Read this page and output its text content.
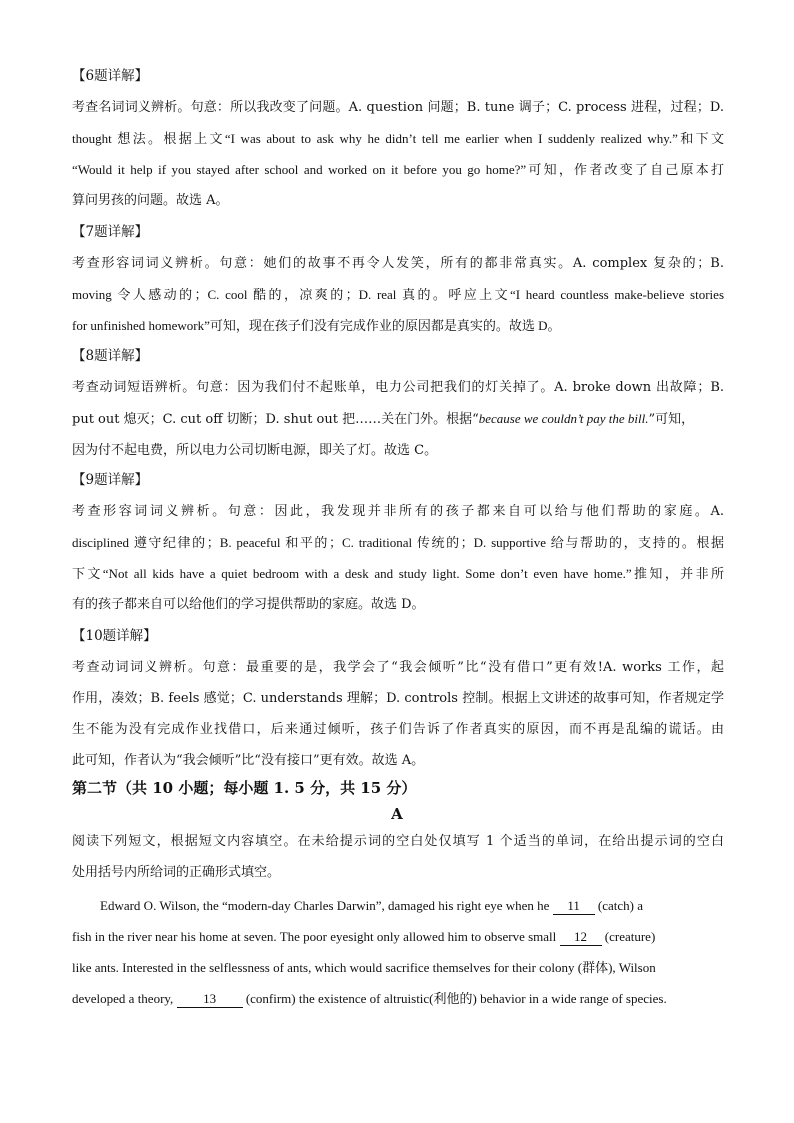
【6题详解】
考查名词词义辨析。句意：所以我改变了问题。A. question 问题；B. tune 调子；C. process 进程，过程；D.
thought 想法。根据上文“I was about to ask why he didn’t tell me earlier when I suddenly realized why.”和下文
“Would it help if you stayed after school and worked on it before you go home?”可知，作者改变了自己原本打
算问男孩的问题。故选 A。
【7题详解】
考查形容词词义辨析。句意：她们的故事不再令人发笑，所有的都非常真实。A. complex 复杂的；B.
moving 令人感动的；C. cool 酷的，凉爽的；D. real 真的。呼应上文“I heard countless make-believe stories
for unfinished homework”可知，现在孩子们没有完成作业的原因都是真实的。故选 D。
【8题详解】
考查动词短语辨析。句意：因为我们付不起账单，电力公司把我们的灯关掉了。A. broke down 出故障；B.
put out 熄灭；C. cut off 切断；D. shut out 把……关在门外。根据“because we couldn’t pay the bill.”可知，
因为付不起电费，所以电力公司切断电源，即关了灯。故选 C。
【9题详解】
考查形容词词义辨析。句意：因此，我发现并非所有的孩子都来自可以给与他们帮助的家庭。A.
disciplined 遵守纪律的；B. peaceful 和平的；C. traditional 传统的；D. supportive 给与帮助的，支持的。根据
下文“Not all kids have a quiet bedroom with a desk and study light. Some don’t even have home.”推知，并非所
有的孩子都来自可以给他们的学习提供帮助的家庭。故选 D。
【10题详解】
考查动词词义辨析。句意：最重要的是，我学会了“我会倾听”比“没有借口”更有效!A. works 工作，起
作用，凑效；B. feels 感觉；C. understands 理解；D. controls 控制。根据上文讲述的故事可知，作者规定学
生不能为没有完成作业找借口，后来通过倾听，孩子们告诉了作者真实的原因，而不再是乱编的谎话。由
此可知，作者认为“我会倾听”比“没有接口”更有效。故选 A。
第二节（共 10 小题；每小题 1. 5 分，共 15 分）
A
阅读下列短文，根据短文内容填空。在未给提示词的空白处仅填写 1 个适当的单词，在给出提示词的空白
处用括号内所给词的正确形式填空。
Edward O. Wilson, the “modern-day Charles Darwin”, damaged his right eye when he 11 (catch) a
fish in the river near his home at seven. The poor eyesight only allowed him to observe small 12 (creature)
like ants. Interested in the selflessness of ants, which would sacrifice themselves for their colony (群体), Wilson
developed a theory, 13 (confirm) the existence of altruistic(利他的) behavior in a wide range of species.
